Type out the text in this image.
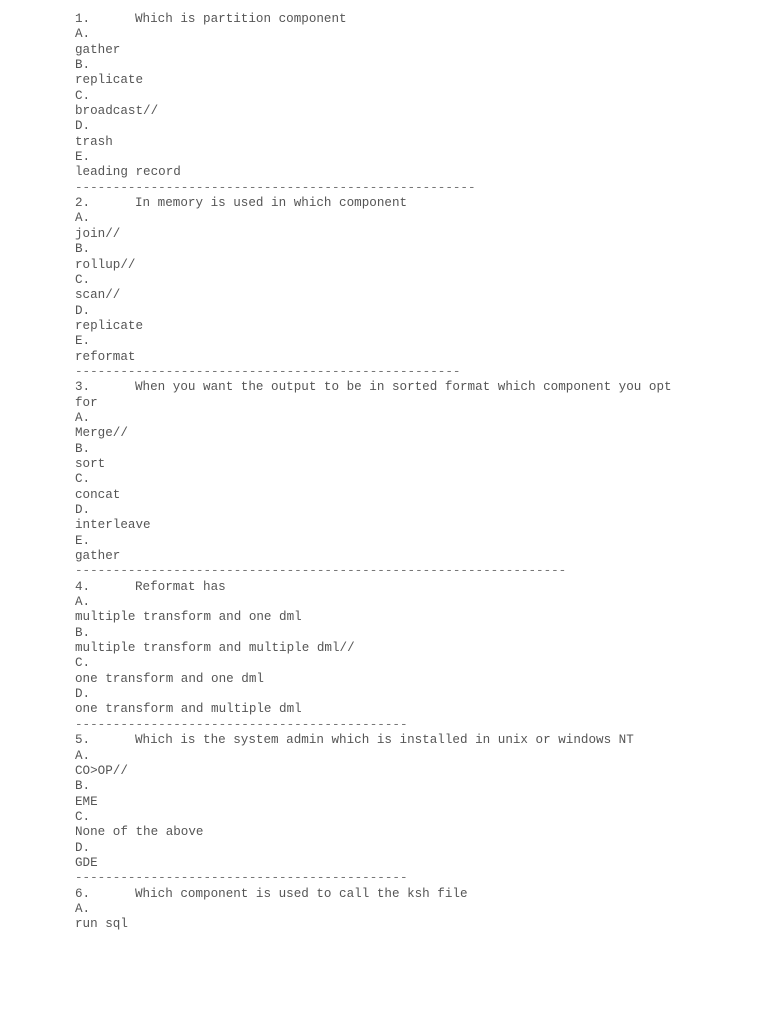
1.	Which is partition component
A.
gather
B.
replicate
C.
broadcast//
D.
trash
E.
leading record
-----------------------------------------------------
2.	In memory is used in which component
A.
join//
B.
rollup//
C.
scan//
D.
replicate
E.
reformat
---------------------------------------------------
3.	When you want the output to be in sorted format which component you opt
for
A.
Merge//
B.
sort
C.
concat
D.
interleave
E.
gather
-----------------------------------------------------------------
4.	Reformat has
A.
multiple transform and one dml
B.
multiple transform and multiple dml//
C.
one transform and one dml
D.
one transform and multiple dml
--------------------------------------------
5.	Which is the system admin which is installed in unix or windows NT
A.
CO>OP//
B.
EME
C.
None of the above
D.
GDE
--------------------------------------------
6.	Which component is used to call the ksh file
A.
run sql
